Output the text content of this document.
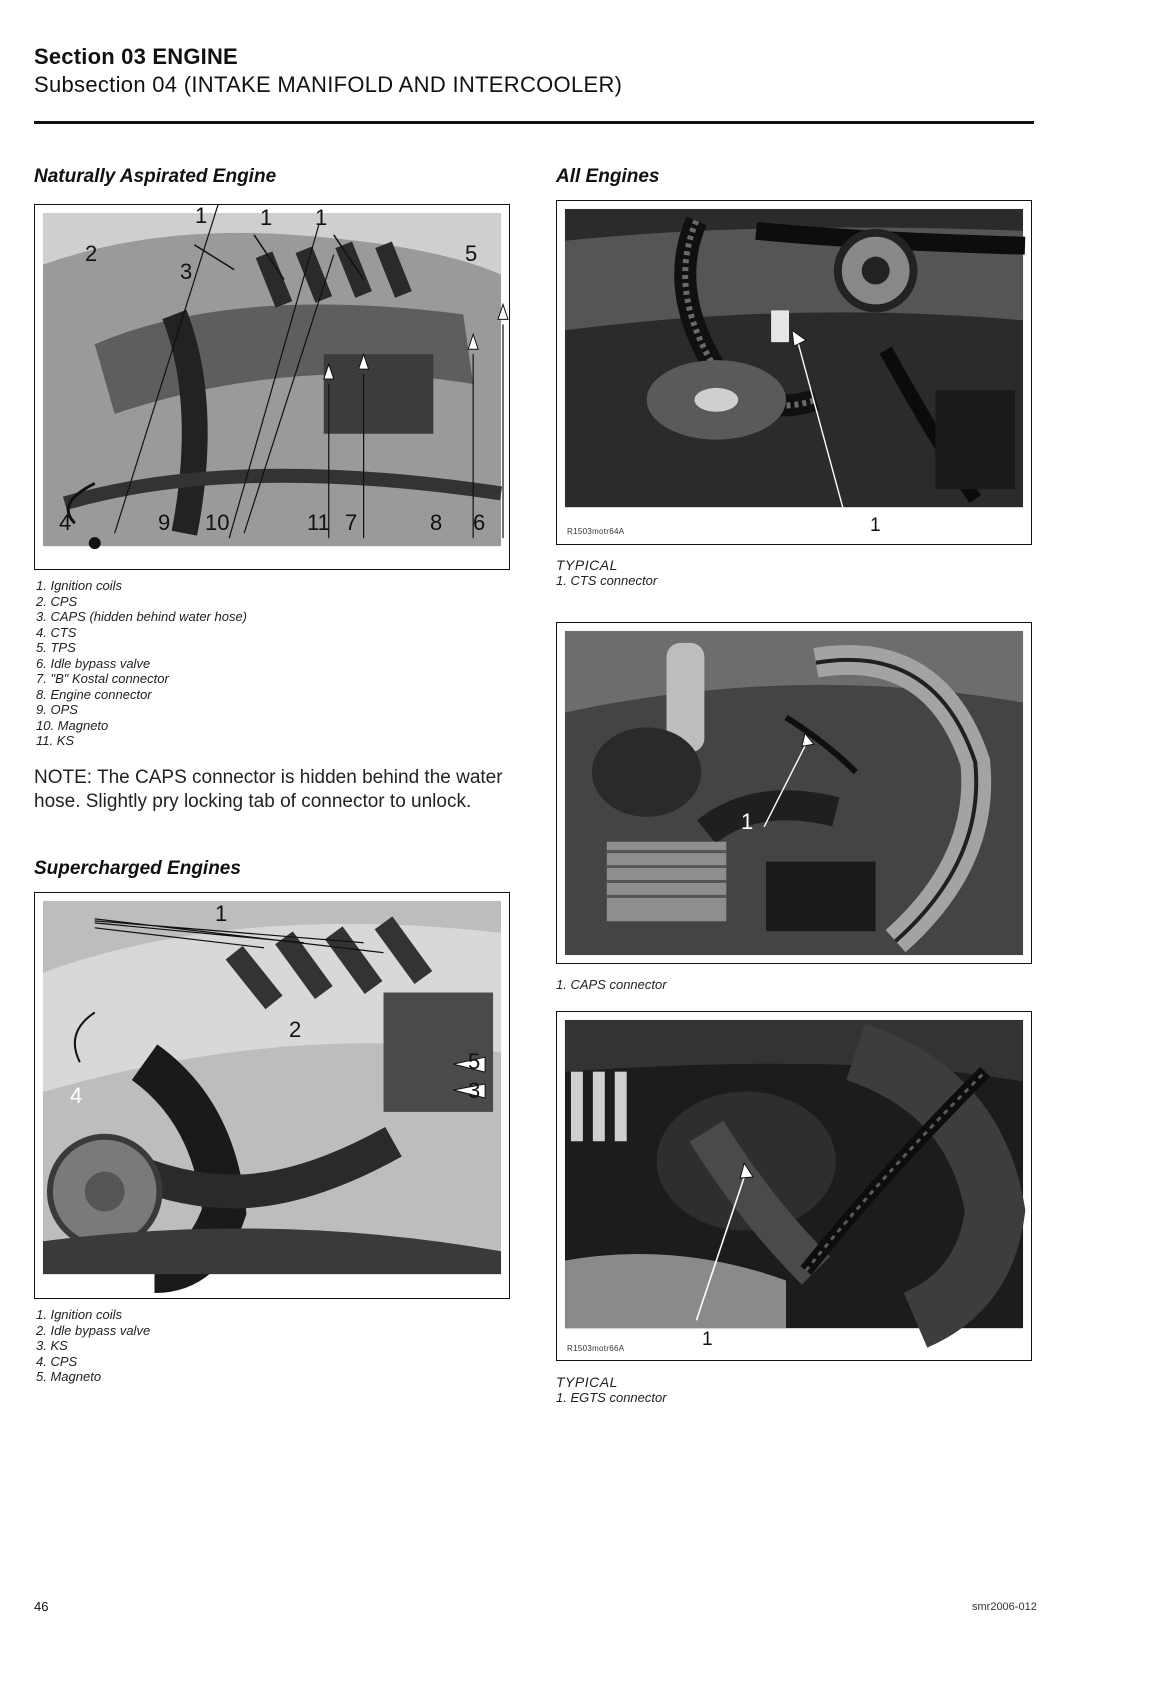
Section 03 ENGINE
Subsection 04 (INTAKE MANIFOLD AND INTERCOOLER)
Naturally Aspirated Engine
1 1 1
2
3
5
4	9 10	11 7	8 6
1. Ignition coils
2. CPS
3. CAPS (hidden behind water hose)
4. CTS
5. TPS
6. Idle bypass valve
7. "B" Kostal connector
8. Engine connector
9. OPS
10. Magneto
11. KS
NOTE: The CAPS connector is hidden behind the water hose. Slightly pry locking tab of connector to unlock.
Supercharged Engines
1
2
5
4	3
1. Ignition coils
2. Idle bypass valve
3. KS
4. CPS
5. Magneto
All Engines
R1503motr64A	1
TYPICAL
1. CTS connector
1
1. CAPS connector
R1503motr66A	1
TYPICAL
1. EGTS connector
46	smr2006-012
